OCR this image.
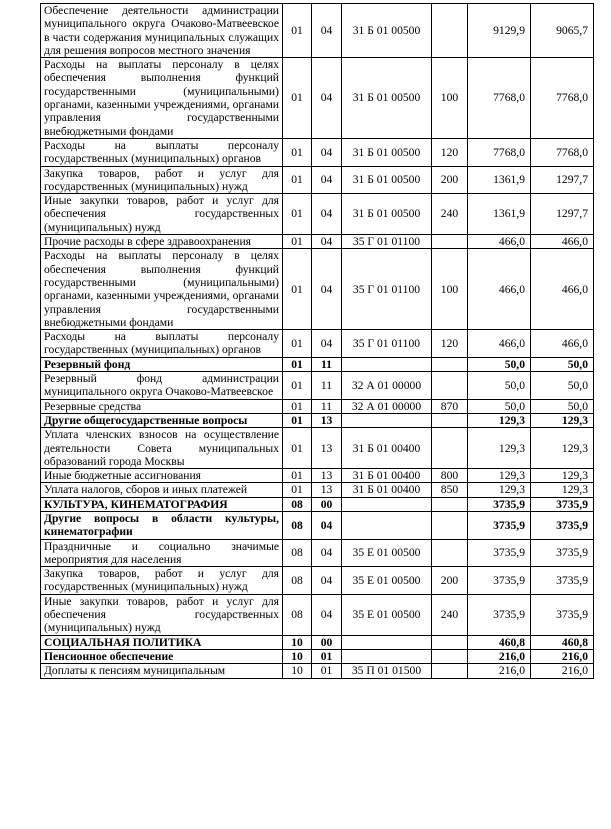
Обеспечение деятельности администрации муниципального округа Очаково-Матвеевское в части содержания муниципальных служащих для решения вопросов местного значения	01	04	31 Б 01 00500		9129,9	9065,7
Расходы на выплаты персоналу в целях обеспечения выполнения функций государственными (муниципальными) органами, казенными учреждениями, органами управления государственными внебюджетными фондами	01	04	31 Б 01 00500	100	7768,0	7768,0
Расходы на выплаты персоналу государственных (муниципальных) органов	01	04	31 Б 01 00500	120	7768,0	7768,0
Закупка товаров, работ и услуг для государственных (муниципальных) нужд	01	04	31 Б 01 00500	200	1361,9	1297,7
Иные закупки товаров, работ и услуг для обеспечения государственных (муниципальных) нужд	01	04	31 Б 01 00500	240	1361,9	1297,7
Прочие расходы в сфере здравоохранения	01	04	35 Г 01 01100		466,0	466,0
Расходы на выплаты персоналу в целях обеспечения выполнения функций государственными (муниципальными) органами, казенными учреждениями, органами управления государственными внебюджетными фондами	01	04	35 Г 01 01100	100	466,0	466,0
Расходы на выплаты персоналу государственных (муниципальных) органов	01	04	35 Г 01 01100	120	466,0	466,0
Резервный фонд	01	11			50,0	50,0
Резервный фонд администрации муниципального округа Очаково-Матвеевское	01	11	32 А 01 00000		50,0	50,0
Резервные средства	01	11	32 А 01 00000	870	50,0	50,0
Другие общегосударственные вопросы	01	13			129,3	129,3
Уплата членских взносов на осуществление деятельности Совета муниципальных образований города Москвы	01	13	31 Б 01 00400		129,3	129,3
Иные бюджетные ассигнования	01	13	31 Б 01 00400	800	129,3	129,3
Уплата налогов, сборов и иных платежей	01	13	31 Б 01 00400	850	129,3	129,3
КУЛЬТУРА, КИНЕМАТОГРАФИЯ	08	00			3735,9	3735,9
Другие вопросы в области культуры, кинематографии	08	04			3735,9	3735,9
Праздничные и социально значимые мероприятия для населения	08	04	35 Е 01 00500		3735,9	3735,9
Закупка товаров, работ и услуг для государственных (муниципальных) нужд	08	04	35 Е 01 00500	200	3735,9	3735,9
Иные закупки товаров, работ и услуг для обеспечения государственных (муниципальных) нужд	08	04	35 Е 01 00500	240	3735,9	3735,9
СОЦИАЛЬНАЯ ПОЛИТИКА	10	00			460,8	460,8
Пенсионное обеспечение	10	01			216,0	216,0
Доплаты к пенсиям муниципальным	10	01	35 П 01 01500		216,0	216,0
